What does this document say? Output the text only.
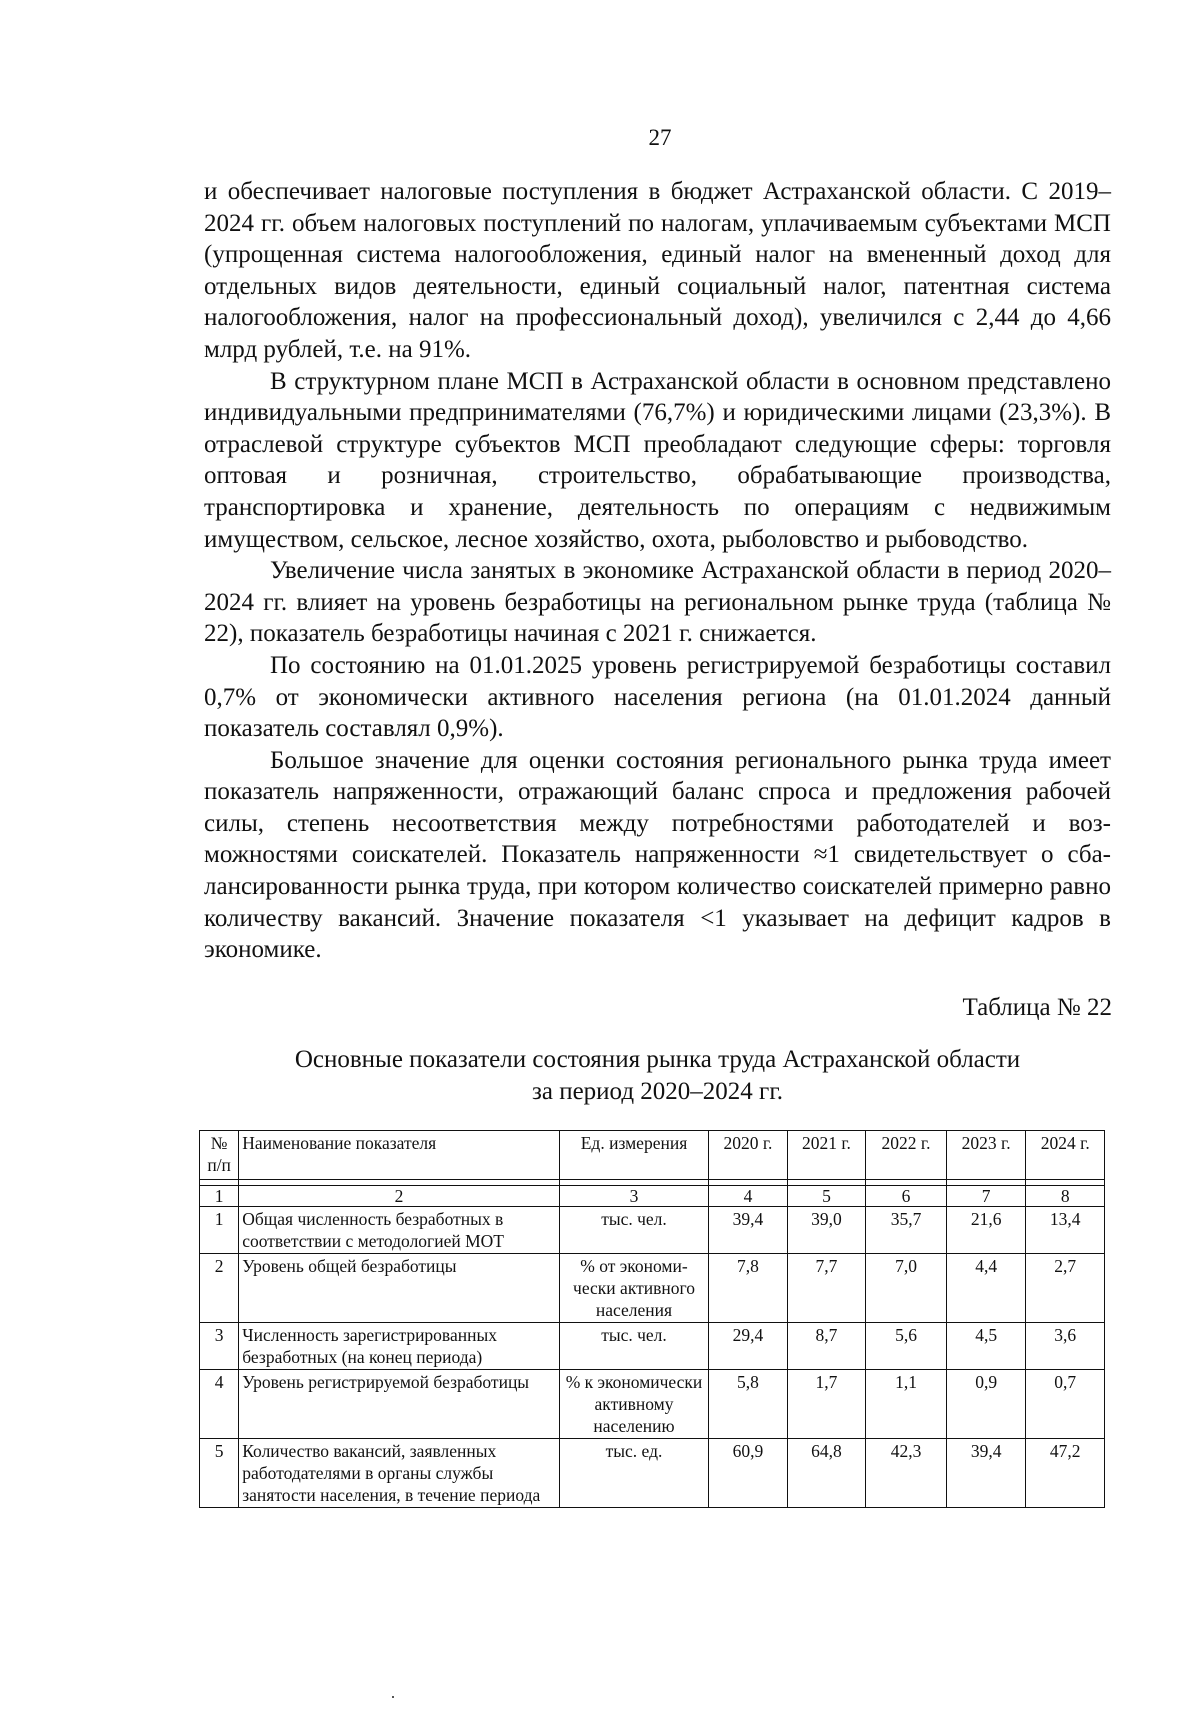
27

и обеспечивает налоговые поступления в бюджет Астраханской области. С 2019–2024 гг. объем налоговых поступлений по налогам, уплачиваемым субъектами МСП (упрощенная система налогообложения, единый налог на вмененный доход для отдельных видов деятельности, единый социальный налог, патентная система налогообложения, налог на профессиональный доход), увеличился с 2,44 до 4,66 млрд рублей, т.е. на 91%.

В структурном плане МСП в Астраханской области в основном представлено индивидуальными предпринимателями (76,7%) и юридическими лицами (23,3%). В отраслевой структуре субъектов МСП преобладают следующие сферы: торговля оптовая и розничная, строительство, обрабатывающие производства, транспортировка и хранение, деятельность по операциям с недвижимым имуществом, сельское, лесное хозяйство, охота, рыболовство и рыбоводство.

Увеличение числа занятых в экономике Астраханской области в период 2020–2024 гг. влияет на уровень безработицы на региональном рынке труда (таблица № 22), показатель безработицы начиная с 2021 г. снижается.

По состоянию на 01.01.2025 уровень регистрируемой безработицы составил 0,7% от экономически активного населения региона (на 01.01.2024 данный показатель составлял 0,9%).

Большое значение для оценки состояния регионального рынка труда имеет показатель напряженности, отражающий баланс спроса и предложения рабочей силы, степень несоответствия между потребностями работодателей и возможностями соискателей. Показатель напряженности ≈1 свидетельствует о сбалансированности рынка труда, при котором количество соискателей примерно равно количеству вакансий. Значение показателя <1 указывает на дефицит кадров в экономике.

Таблица № 22
Основные показатели состояния рынка труда Астраханской области
за период 2020–2024 гг.
№ п/п	Наименование показателя	Ед. измерения	2020 г.	2021 г.	2022 г.	2023 г.	2024 г.

1	2	3	4	5	6	7	8
1	Общая численность безработных в соответствии с методологией МОТ	тыс. чел.	39,4	39,0	35,7	21,6	13,4
2	Уровень общей безработицы	% от экономически активного населения	7,8	7,7	7,0	4,4	2,7
3	Численность зарегистрированных безработных (на конец периода)	тыс. чел.	29,4	8,7	5,6	4,5	3,6
4	Уровень регистрируемой безработицы	% к экономически активному населению	5,8	1,7	1,1	0,9	0,7
5	Количество вакансий, заявленных работодателями в органы службы занятости населения, в течение периода	тыс. ед.	60,9	64,8	42,3	39,4	47,2
